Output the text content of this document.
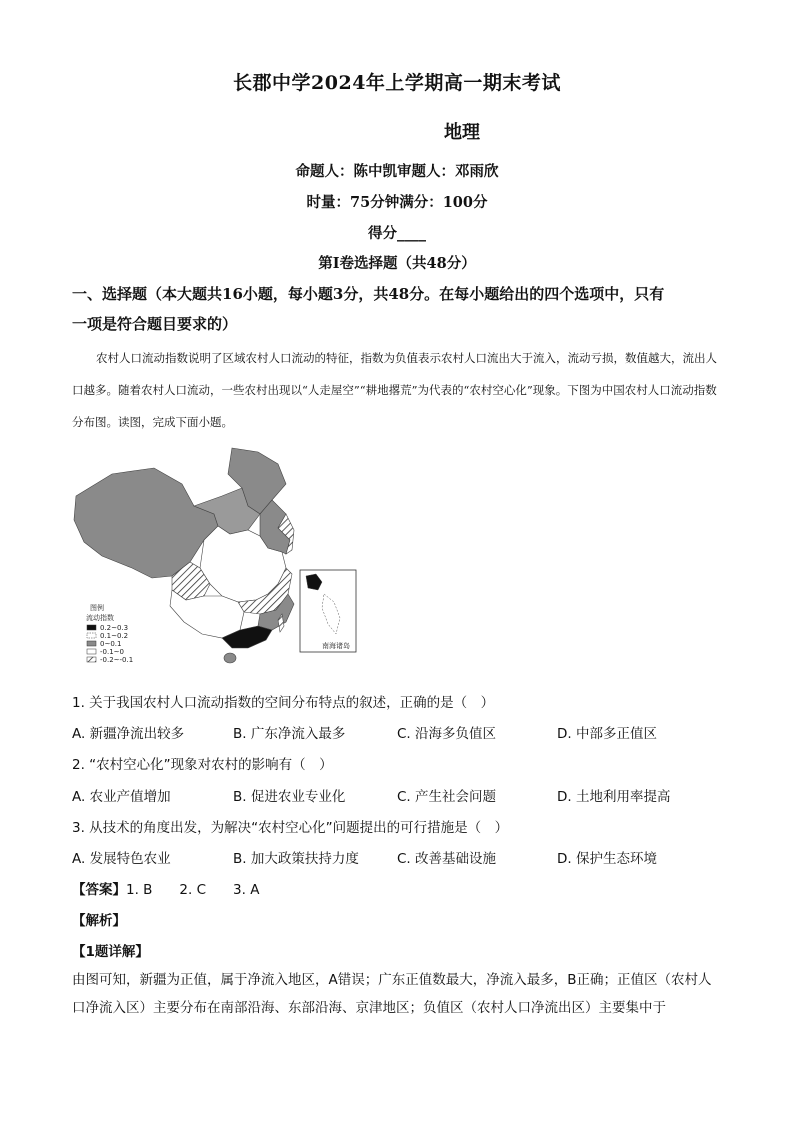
长郡中学2024年上学期高一期末考试
地理
命题人：陈中凯审题人：邓雨欣
时量：75分钟满分：100分
得分____
第Ⅰ卷选择题（共48分）
一、选择题（本大题共16小题，每小题3分，共48分。在每小题给出的四个选项中，只有
一项是符合题目要求的）
农村人口流动指数说明了区域农村人口流动的特征，指数为负值表示农村人口流出大于流入，流动亏损，数值越大，流出人口越多。随着农村人口流动，一些农村出现以“人走屋空”“耕地撂荒”为代表的“农村空心化”现象。下图为中国农村人口流动指数分布图。读图，完成下面小题。
南海诸岛
图例
流动指数
0.2~0.3
0.1~0.2
0~0.1
-0.1~0
-0.2~-0.1
1. 关于我国农村人口流动指数的空间分布特点的叙述，正确的是（　）
A. 新疆净流出较多	B. 广东净流入最多	C. 沿海多负值区	D. 中部多正值区
2. “农村空心化”现象对农村的影响有（　）
A. 农业产值增加	B. 促进农业专业化	C. 产生社会问题	D. 土地利用率提高
3. 从技术的角度出发，为解决“农村空心化”问题提出的可行措施是（　）
A. 发展特色农业	B. 加大政策扶持力度	C. 改善基础设施	D. 保护生态环境
【答案】1. B　　2. C　　3. A
【解析】
【1题详解】
由图可知，新疆为正值，属于净流入地区，A错误；广东正值数最大，净流入最多，B正确；正值区（农村人口净流入区）主要分布在南部沿海、东部沿海、京津地区；负值区（农村人口净流出区）主要集中于
